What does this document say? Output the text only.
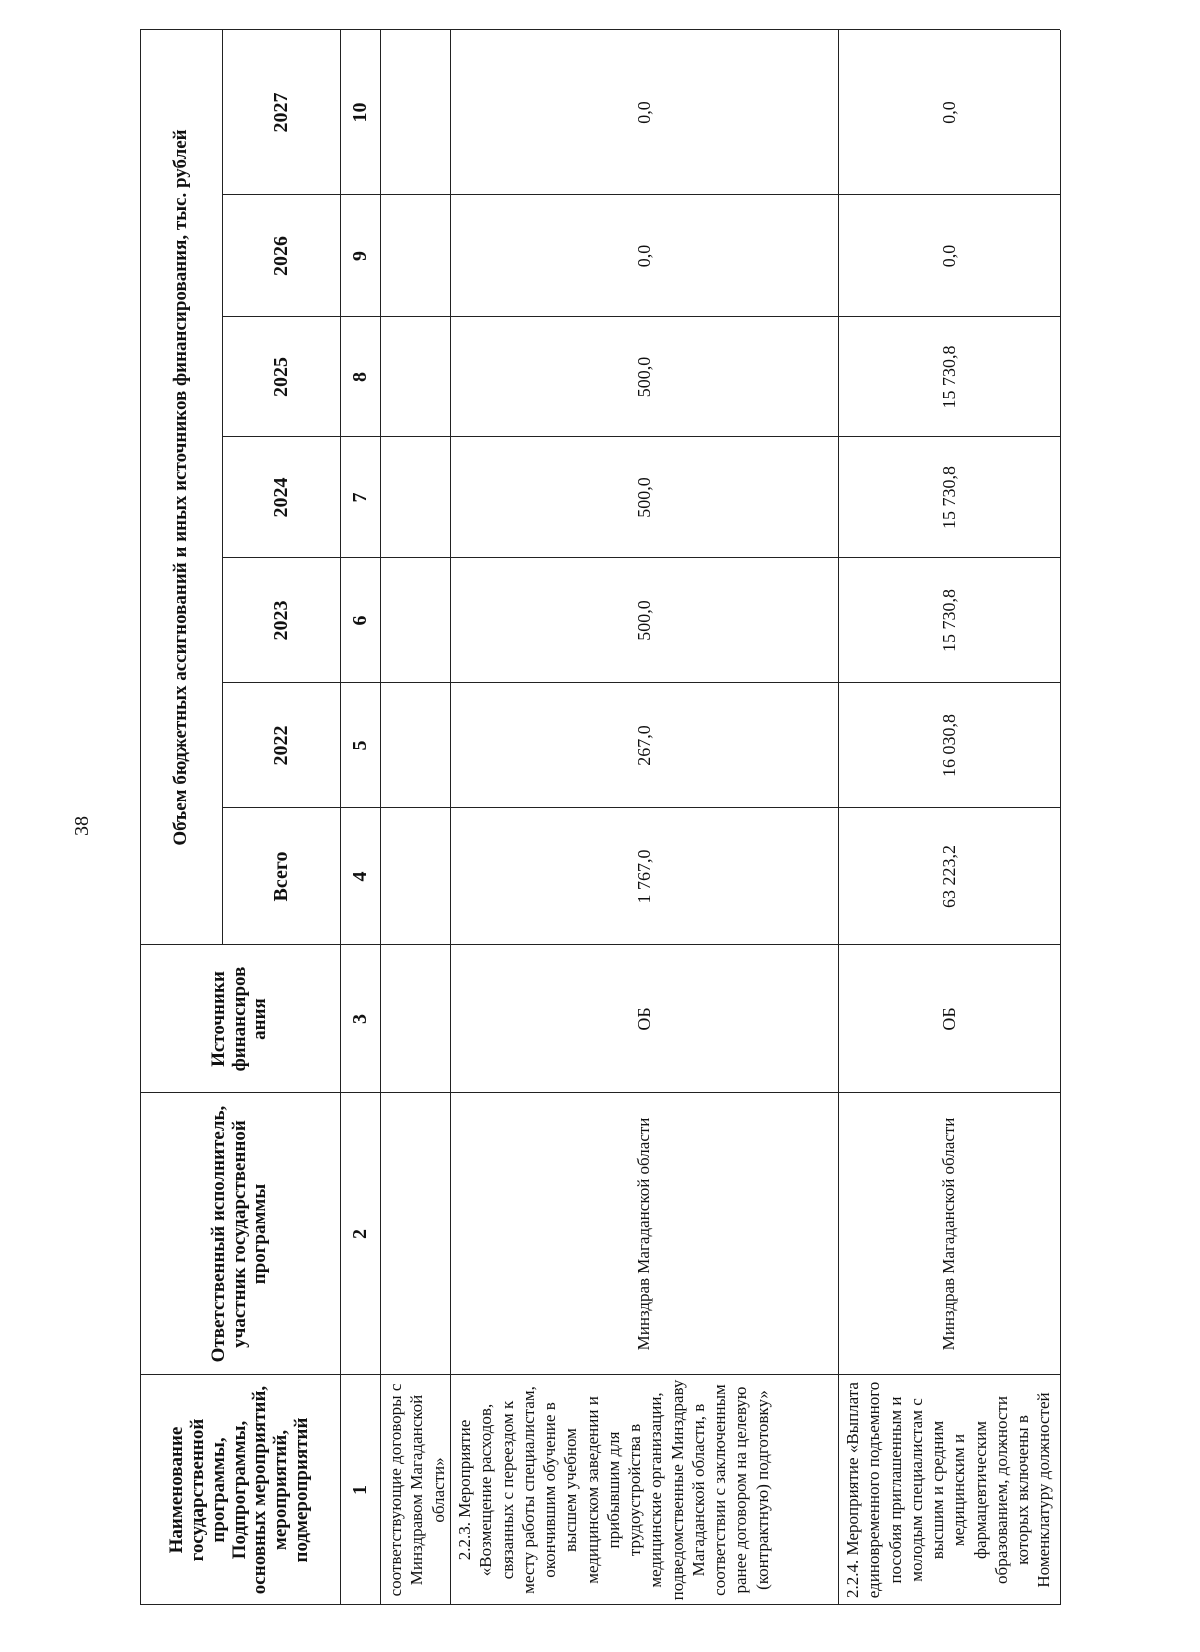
38
Наименование государственной программы, Подпрограммы, основных мероприятий, мероприятий, подмероприятий
Ответственный исполнитель, участник государственной программы
Источники финансиров ания
Объем бюджетных ассигнований и иных источников финансирования, тыс. рублей
Всего
2022
2023
2024
2025
2026
2027
1
2
3
4
5
6
7
8
9
10
соответствующие договоры с Минздравом Магаданской области» 2.2.3. Мероприятие «Возмещение расходов, связанных с переездом к месту работы специалистам, окончившим обучение в высшем учебном медицинском заведении и прибывшим для трудоустройства в медицинские организации, подведомственные Минздраву Магаданской области, в соответствии с заключенным ранее договором на целевую (контрактную) подготовку»
Минздрав Магаданской области
ОБ
1 767,0
267,0
500,0
500,0
500,0
0,0
0,0
2.2.4. Мероприятие «Выплата единовременного подъемного пособия приглашенным и молодым специалистам с высшим и средним медицинским и фармацевтическим образованием, должности которых включены в Номенклатуру должностей
Минздрав Магаданской области
ОБ
63 223,2
16 030,8
15 730,8
15 730,8
15 730,8
0,0
0,0
